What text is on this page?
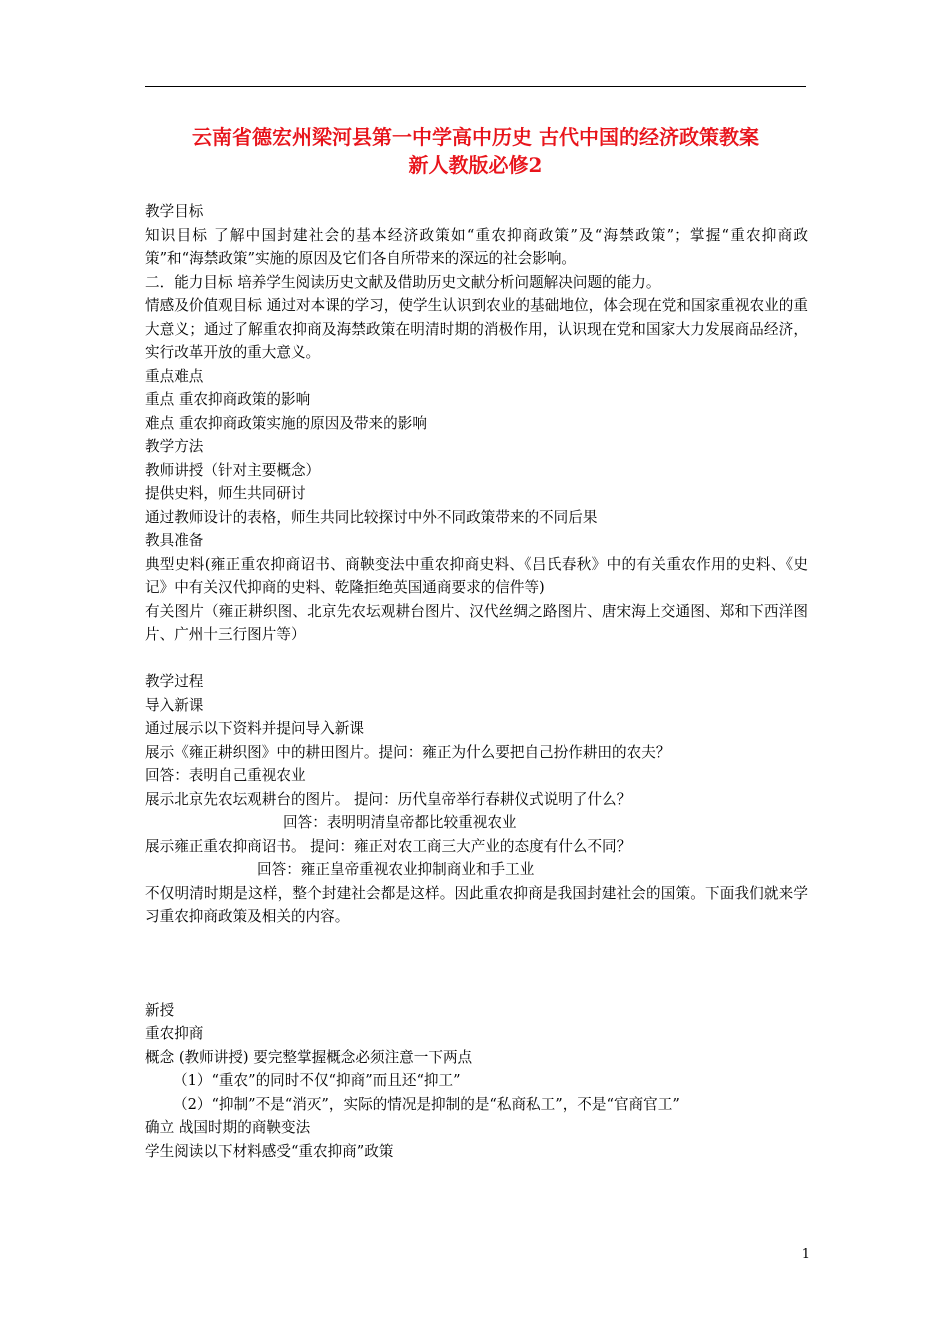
云南省德宏州梁河县第一中学高中历史 古代中国的经济政策教案
新人教版必修2

教学目标

知识目标 了解中国封建社会的基本经济政策如“重农抑商政策”及“海禁政策”；掌握“重农抑商政策”和“海禁政策”实施的原因及它们各自所带来的深远的社会影响。

二．能力目标 培养学生阅读历史文献及借助历史文献分析问题解决问题的能力。

情感及价值观目标 通过对本课的学习，使学生认识到农业的基础地位，体会现在党和国家重视农业的重大意义；通过了解重农抑商及海禁政策在明清时期的消极作用，认识现在党和国家大力发展商品经济，实行改革开放的重大意义。

重点难点

重点 重农抑商政策的影响

难点 重农抑商政策实施的原因及带来的影响

教学方法

教师讲授（针对主要概念）

提供史料，师生共同研讨

通过教师设计的表格，师生共同比较探讨中外不同政策带来的不同后果

教具准备

典型史料(雍正重农抑商诏书、商鞅变法中重农抑商史料、《吕氏春秋》中的有关重农作用的史料、《史记》中有关汉代抑商的史料、乾隆拒绝英国通商要求的信件等)

有关图片（雍正耕织图、北京先农坛观耕台图片、汉代丝绸之路图片、唐宋海上交通图、郑和下西洋图片、广州十三行图片等）

教学过程

导入新课

通过展示以下资料并提问导入新课

展示《雍正耕织图》中的耕田图片。提问：雍正为什么要把自己扮作耕田的农夫？

回答：表明自己重视农业

展示北京先农坛观耕台的图片。 提问：历代皇帝举行春耕仪式说明了什么？

回答：表明明清皇帝都比较重视农业

展示雍正重农抑商诏书。 提问：雍正对农工商三大产业的态度有什么不同？

回答：雍正皇帝重视农业抑制商业和手工业

不仅明清时期是这样，整个封建社会都是这样。因此重农抑商是我国封建社会的国策。下面我们就来学习重农抑商政策及相关的内容。

新授

重农抑商

概念 (教师讲授) 要完整掌握概念必须注意一下两点

（1）“重农”的同时不仅“抑商”而且还“抑工”

（2）“抑制”不是“消灭”，实际的情况是抑制的是“私商私工”，不是“官商官工”

确立 战国时期的商鞅变法

学生阅读以下材料感受“重农抑商”政策

1
